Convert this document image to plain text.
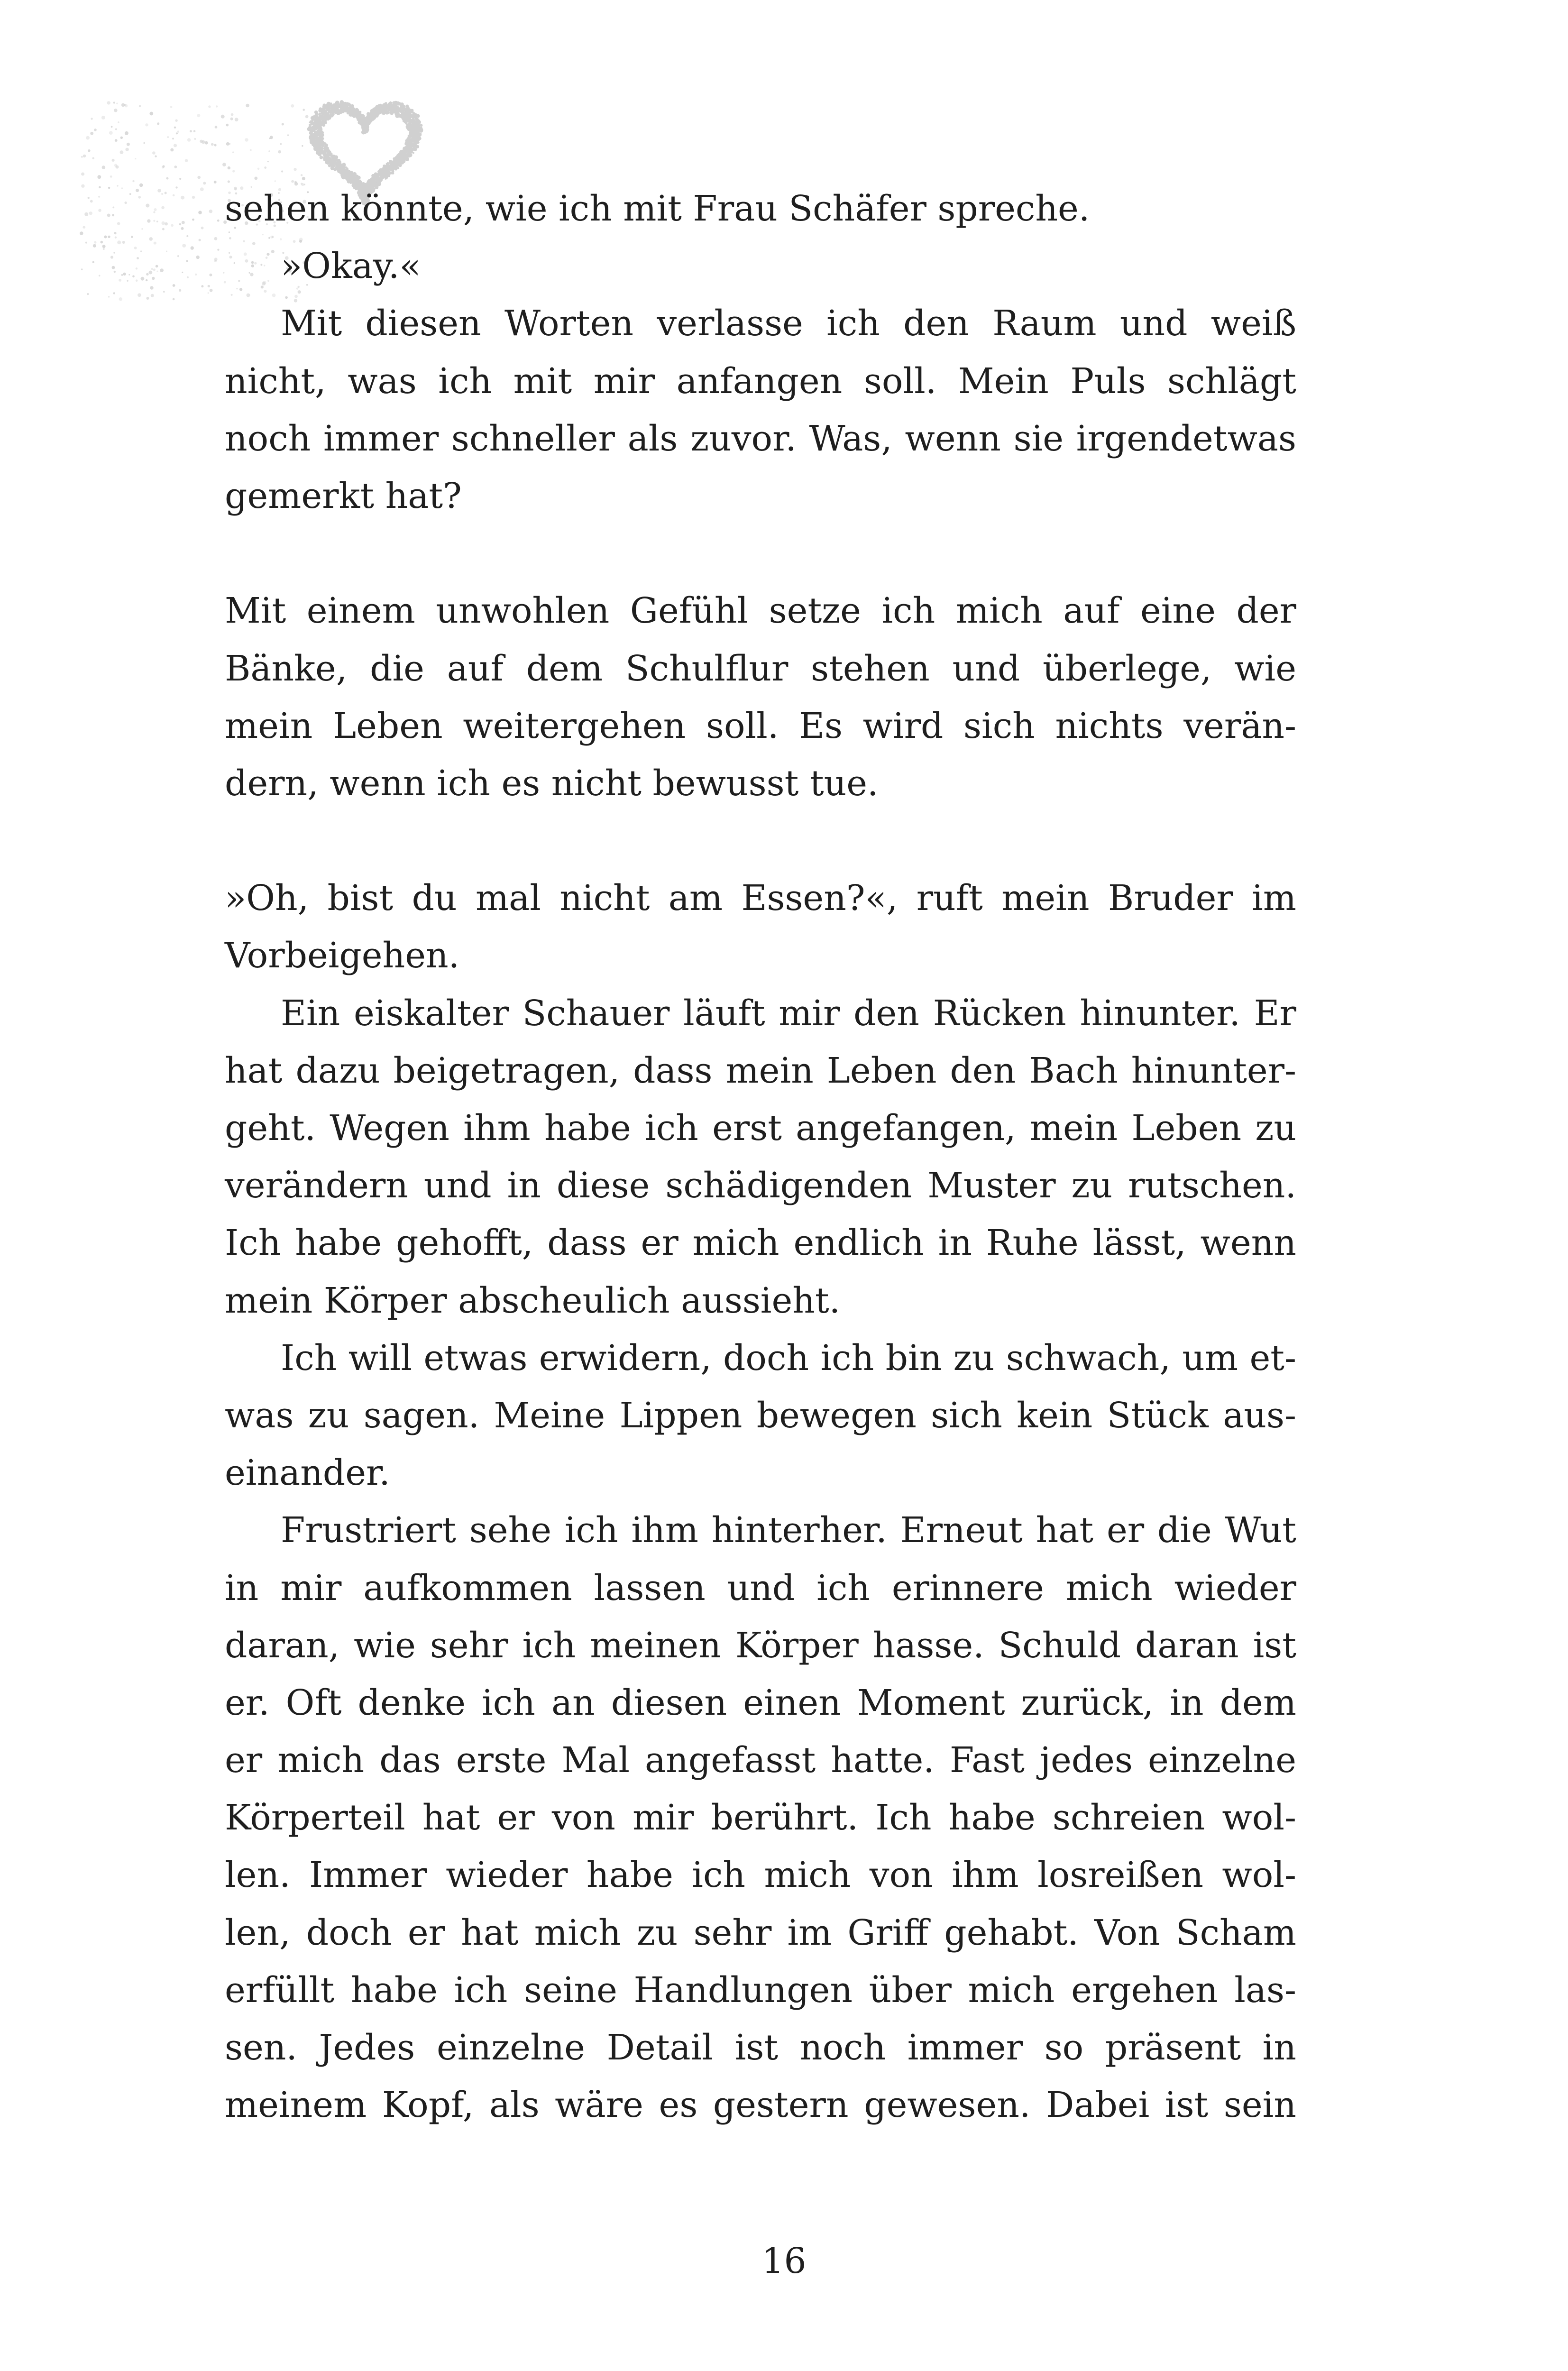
sehen könnte, wie ich mit Frau Schäfer spreche.
»Okay.«
Mit diesen Worten verlasse ich den Raum und weiß
nicht, was ich mit mir anfangen soll. Mein Puls schlägt
noch immer schneller als zuvor. Was, wenn sie irgendetwas
gemerkt hat?
Mit einem unwohlen Gefühl setze ich mich auf eine der
Bänke, die auf dem Schulflur stehen und überlege, wie
mein Leben weitergehen soll. Es wird sich nichts verän-
dern, wenn ich es nicht bewusst tue.
»Oh, bist du mal nicht am Essen?«, ruft mein Bruder im
Vorbeigehen.
Ein eiskalter Schauer läuft mir den Rücken hinunter. Er
hat dazu beigetragen, dass mein Leben den Bach hinunter-
geht. Wegen ihm habe ich erst angefangen, mein Leben zu
verändern und in diese schädigenden Muster zu rutschen.
Ich habe gehofft, dass er mich endlich in Ruhe lässt, wenn
mein Körper abscheulich aussieht.
Ich will etwas erwidern, doch ich bin zu schwach, um et-
was zu sagen. Meine Lippen bewegen sich kein Stück aus-
einander.
Frustriert sehe ich ihm hinterher. Erneut hat er die Wut
in mir aufkommen lassen und ich erinnere mich wieder
daran, wie sehr ich meinen Körper hasse. Schuld daran ist
er. Oft denke ich an diesen einen Moment zurück, in dem
er mich das erste Mal angefasst hatte. Fast jedes einzelne
Körperteil hat er von mir berührt. Ich habe schreien wol-
len. Immer wieder habe ich mich von ihm losreißen wol-
len, doch er hat mich zu sehr im Griff gehabt. Von Scham
erfüllt habe ich seine Handlungen über mich ergehen las-
sen. Jedes einzelne Detail ist noch immer so präsent in
meinem Kopf, als wäre es gestern gewesen. Dabei ist sein
16
